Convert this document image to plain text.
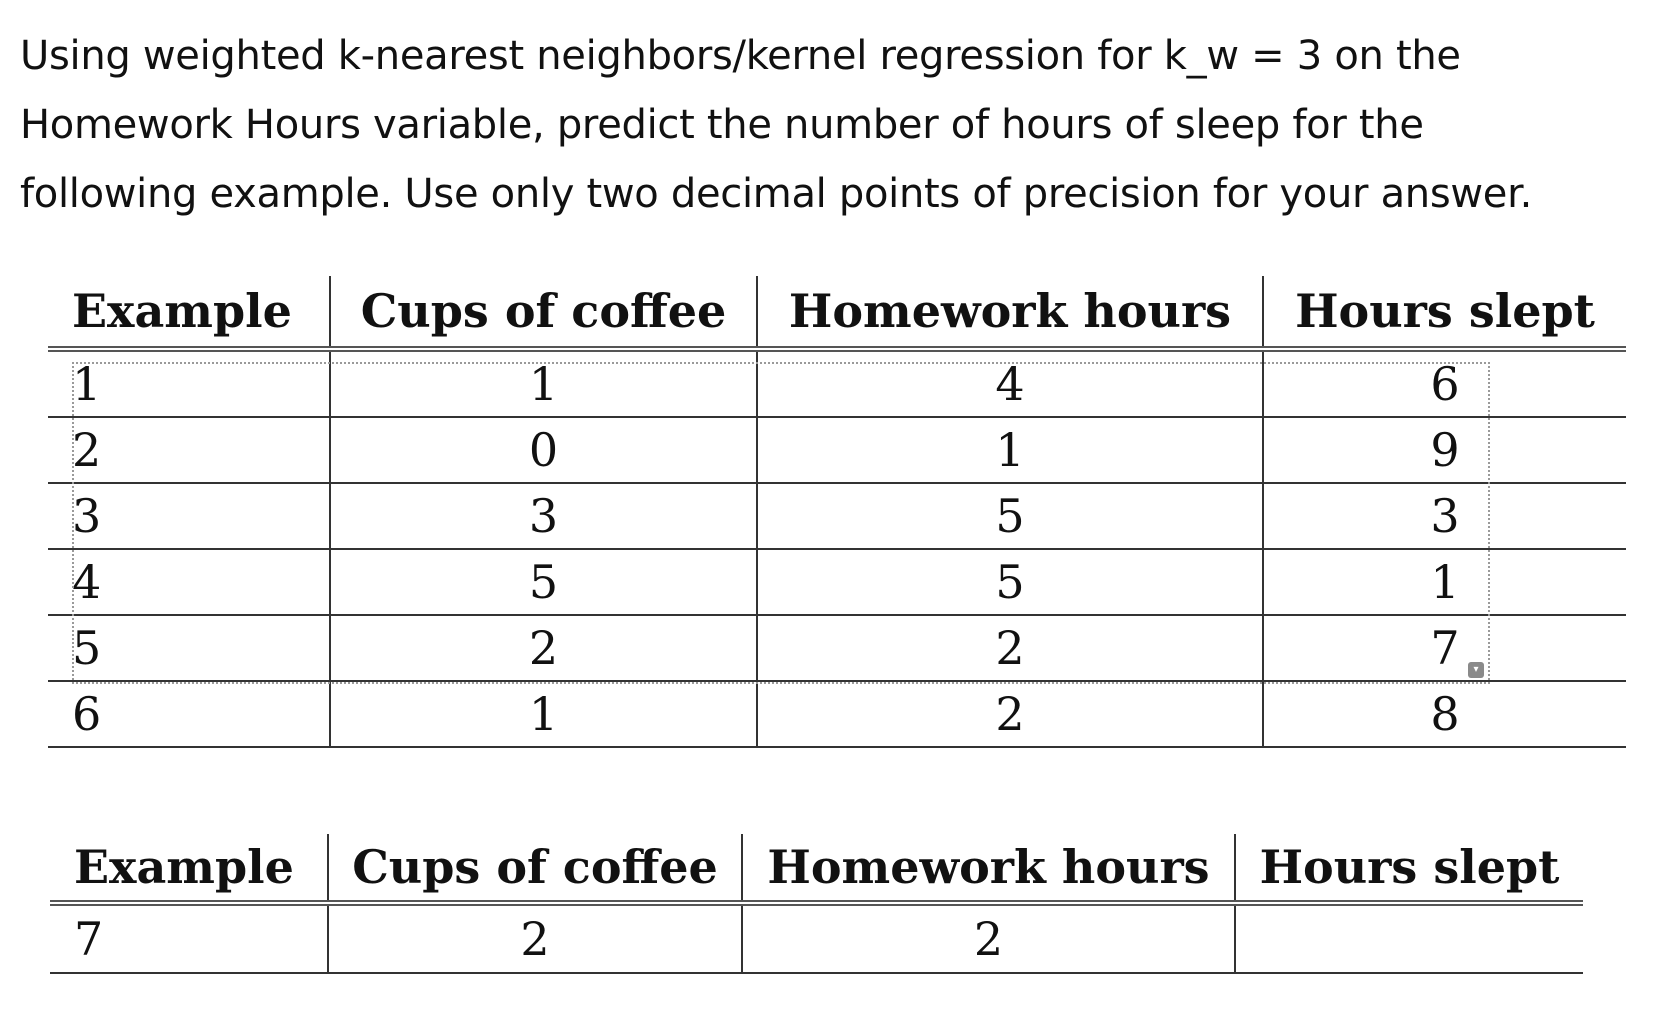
Using weighted k-nearest neighbors/kernel regression for k_w = 3 on the
Homework Hours variable, predict the number of hours of sleep for the
following example. Use only two decimal points of precision for your answer.
Example	Cups of coffee	Homework hours	Hours slept
1	1	4	6
2	0	1	9
3	3	5	3
4	5	5	1
5	2	2	7
6	1	2	8
▾
Example	Cups of coffee	Homework hours	Hours slept
7	2	2	
